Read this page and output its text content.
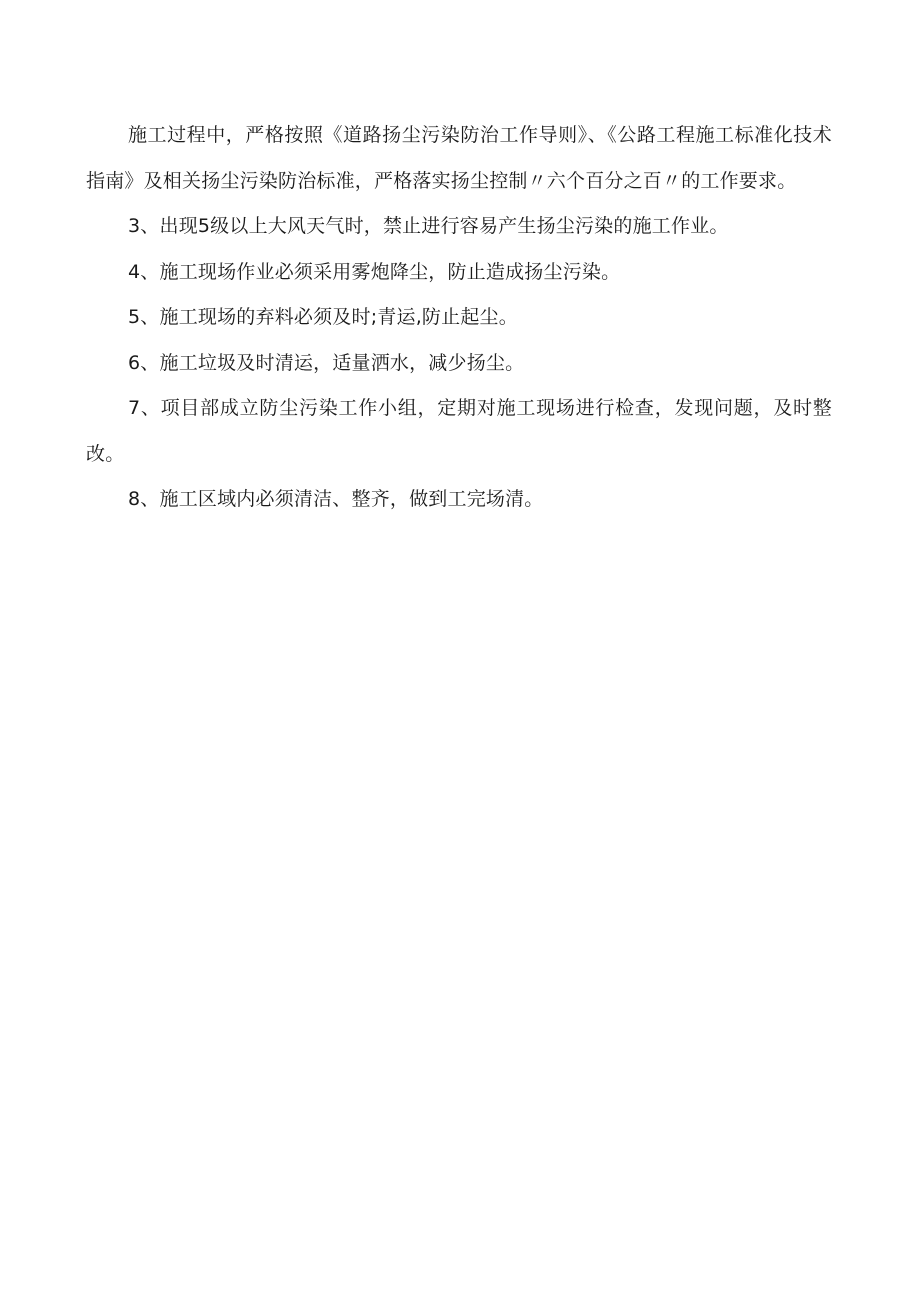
施工过程中，严格按照《道路扬尘污染防治工作导则》、《公路工程施工标准化技术指南》及相关扬尘污染防治标准，严格落实扬尘控制〃六个百分之百〃的工作要求。

3、出现5级以上大风天气时，禁止进行容易产生扬尘污染的施工作业。

4、施工现场作业必须采用雾炮降尘，防止造成扬尘污染。

5、施工现场的弃料必须及时;青运,防止起尘。

6、施工垃圾及时清运，适量洒水，减少扬尘。

7、项目部成立防尘污染工作小组，定期对施工现场进行检查，发现问题，及时整改。

8、施工区域内必须清洁、整齐，做到工完场清。
